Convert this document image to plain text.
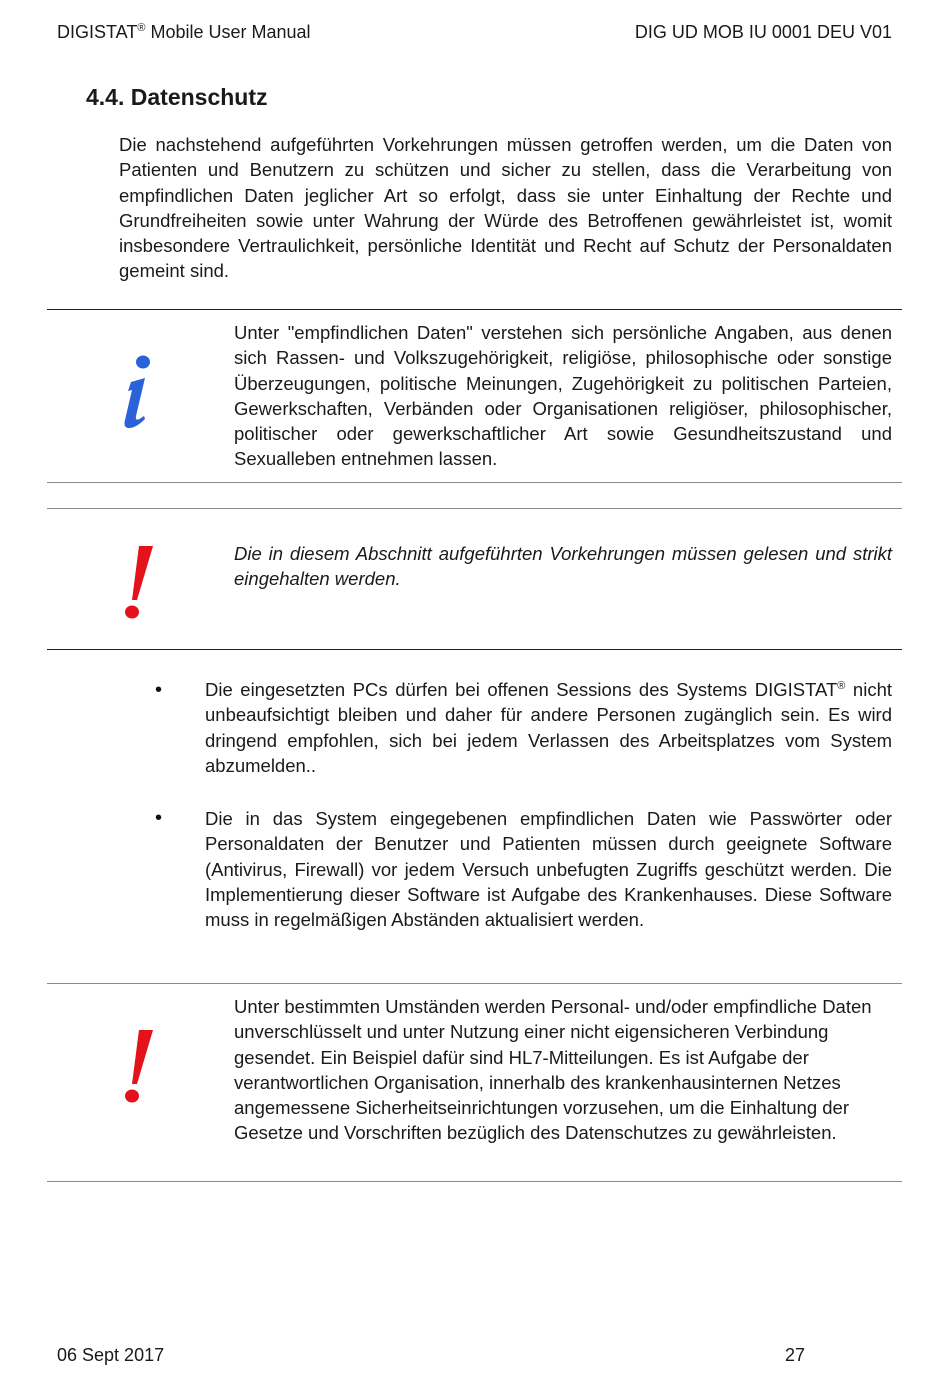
DIGISTAT® Mobile User Manual	DIG UD MOB IU 0001 DEU V01
4.4. Datenschutz

Die nachstehend aufgeführten Vorkehrungen müssen getroffen werden, um die Daten von Patienten und Benutzern zu schützen und sicher zu stellen, dass die Verarbeitung von empfindlichen Daten jeglicher Art so erfolgt, dass sie unter Einhaltung der Rechte und Grundfreiheiten sowie unter Wahrung der Würde des Betroffenen gewährleistet ist, womit insbesondere Vertraulichkeit, persönliche Identität und Recht auf Schutz der Personaldaten gemeint sind.

Unter "empfindlichen Daten" verstehen sich persönliche Angaben, aus denen sich Rassen- und Volkszugehörigkeit, religiöse, philosophische oder sonstige Überzeugungen, politische Meinungen, Zugehörigkeit zu politischen Parteien, Gewerkschaften, Verbänden oder Organisationen religiöser, philosophischer, politischer oder gewerkschaftlicher Art sowie Gesundheitszustand und Sexualleben entnehmen lassen.

Die in diesem Abschnitt aufgeführten Vorkehrungen müssen gelesen und strikt eingehalten werden.

• Die eingesetzten PCs dürfen bei offenen Sessions des Systems DIGISTAT® nicht unbeaufsichtigt bleiben und daher für andere Personen zugänglich sein. Es wird dringend empfohlen, sich bei jedem Verlassen des Arbeitsplatzes vom System abzumelden..

• Die in das System eingegebenen empfindlichen Daten wie Passwörter oder Personaldaten der Benutzer und Patienten müssen durch geeignete Software (Antivirus, Firewall) vor jedem Versuch unbefugten Zugriffs geschützt werden. Die Implementierung dieser Software ist Aufgabe des Krankenhauses. Diese Software muss in regelmäßigen Abständen aktualisiert werden.

Unter bestimmten Umständen werden Personal- und/oder empfindliche Daten unverschlüsselt und unter Nutzung einer nicht eigensicheren Verbindung gesendet. Ein Beispiel dafür sind HL7-Mitteilungen. Es ist Aufgabe der verantwortlichen Organisation, innerhalb des krankenhausinternen Netzes angemessene Sicherheitseinrichtungen vorzusehen, um die Einhaltung der Gesetze und Vorschriften bezüglich des Datenschutzes zu gewährleisten.

06 Sept 2017	27
